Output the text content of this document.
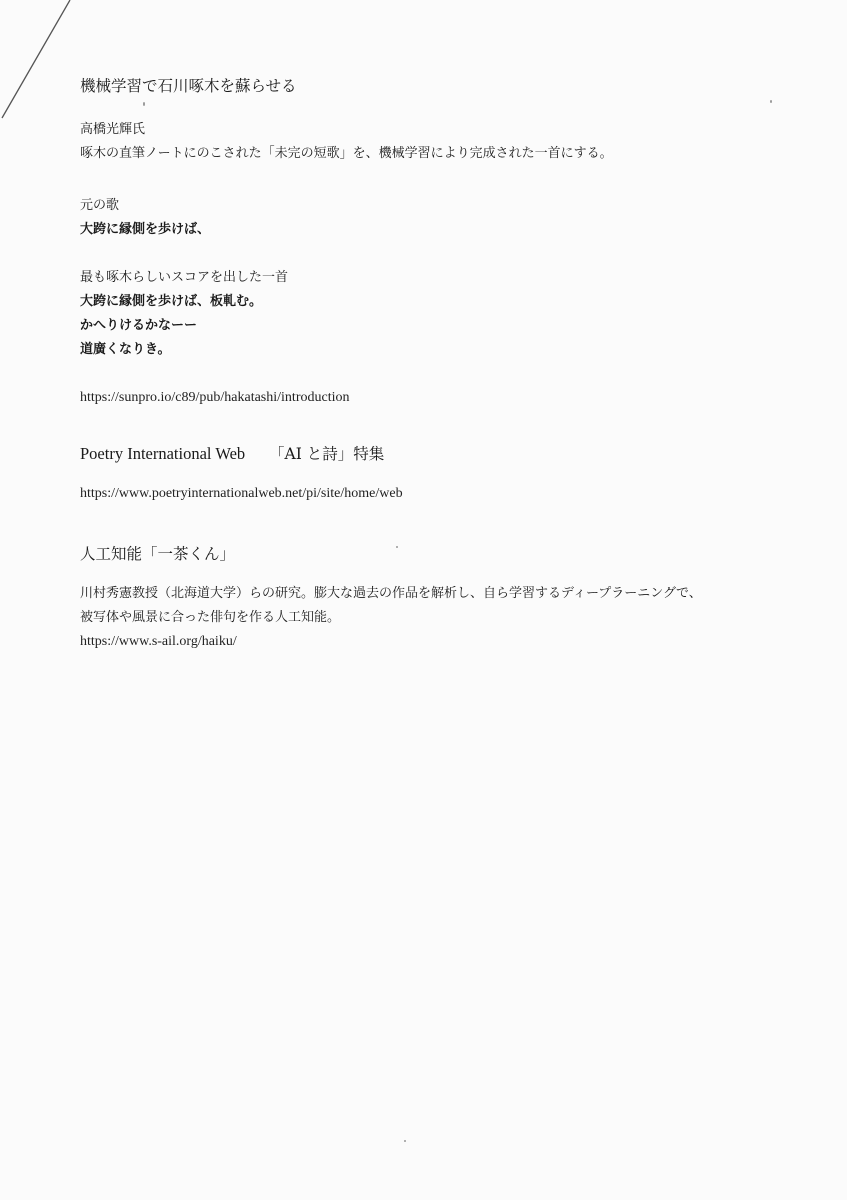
機械学習で石川啄木を蘇らせる

高橋光輝氏

啄木の直筆ノートにのこされた「未完の短歌」を、機械学習により完成された一首にする。

元の歌

大跨に縁側を歩けば、

最も啄木らしいスコアを出した一首

大跨に縁側を歩けば、板軋む。

かへりけるかなーー

道廣くなりき。

https://sunpro.io/c89/pub/hakatashi/introduction
Poetry International Web 「AI と詩」特集
https://www.poetryinternationalweb.net/pi/site/home/web
人工知能「一茶くん」

川村秀憲教授（北海道大学）らの研究。膨大な過去の作品を解析し、自ら学習するディープラーニングで、

被写体や風景に合った俳句を作る人工知能。

https://www.s-ail.org/haiku/
